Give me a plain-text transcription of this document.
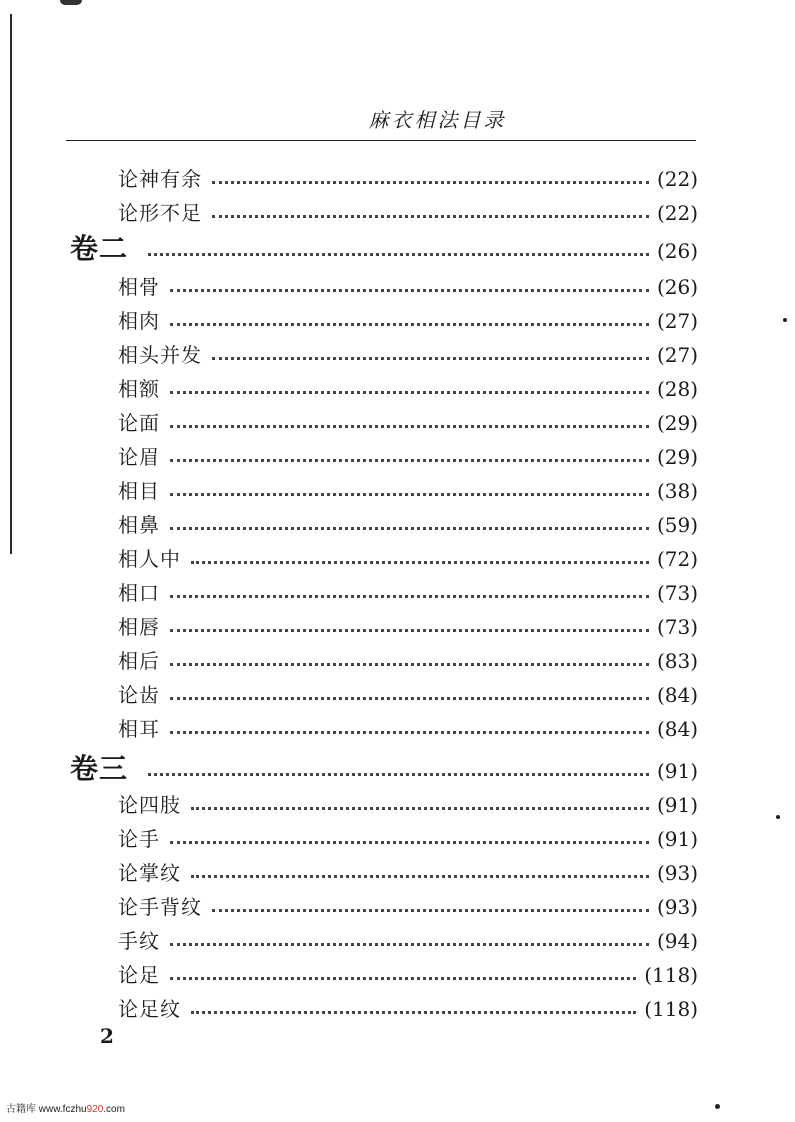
麻衣相法目录
论神有余	(22)
论形不足	(22)
卷二	(26)
相骨	(26)
相肉	(27)
相头并发	(27)
相额	(28)
论面	(29)
论眉	(29)
相目	(38)
相鼻	(59)
相人中	(72)
相口	(73)
相唇	(73)
相后	(83)
论齿	(84)
相耳	(84)
卷三	(91)
论四肢	(91)
论手	(91)
论掌纹	(93)
论手背纹	(93)
手纹	(94)
论足	(118)
论足纹	(118)
2
古籍库 www.fczhu920.com
